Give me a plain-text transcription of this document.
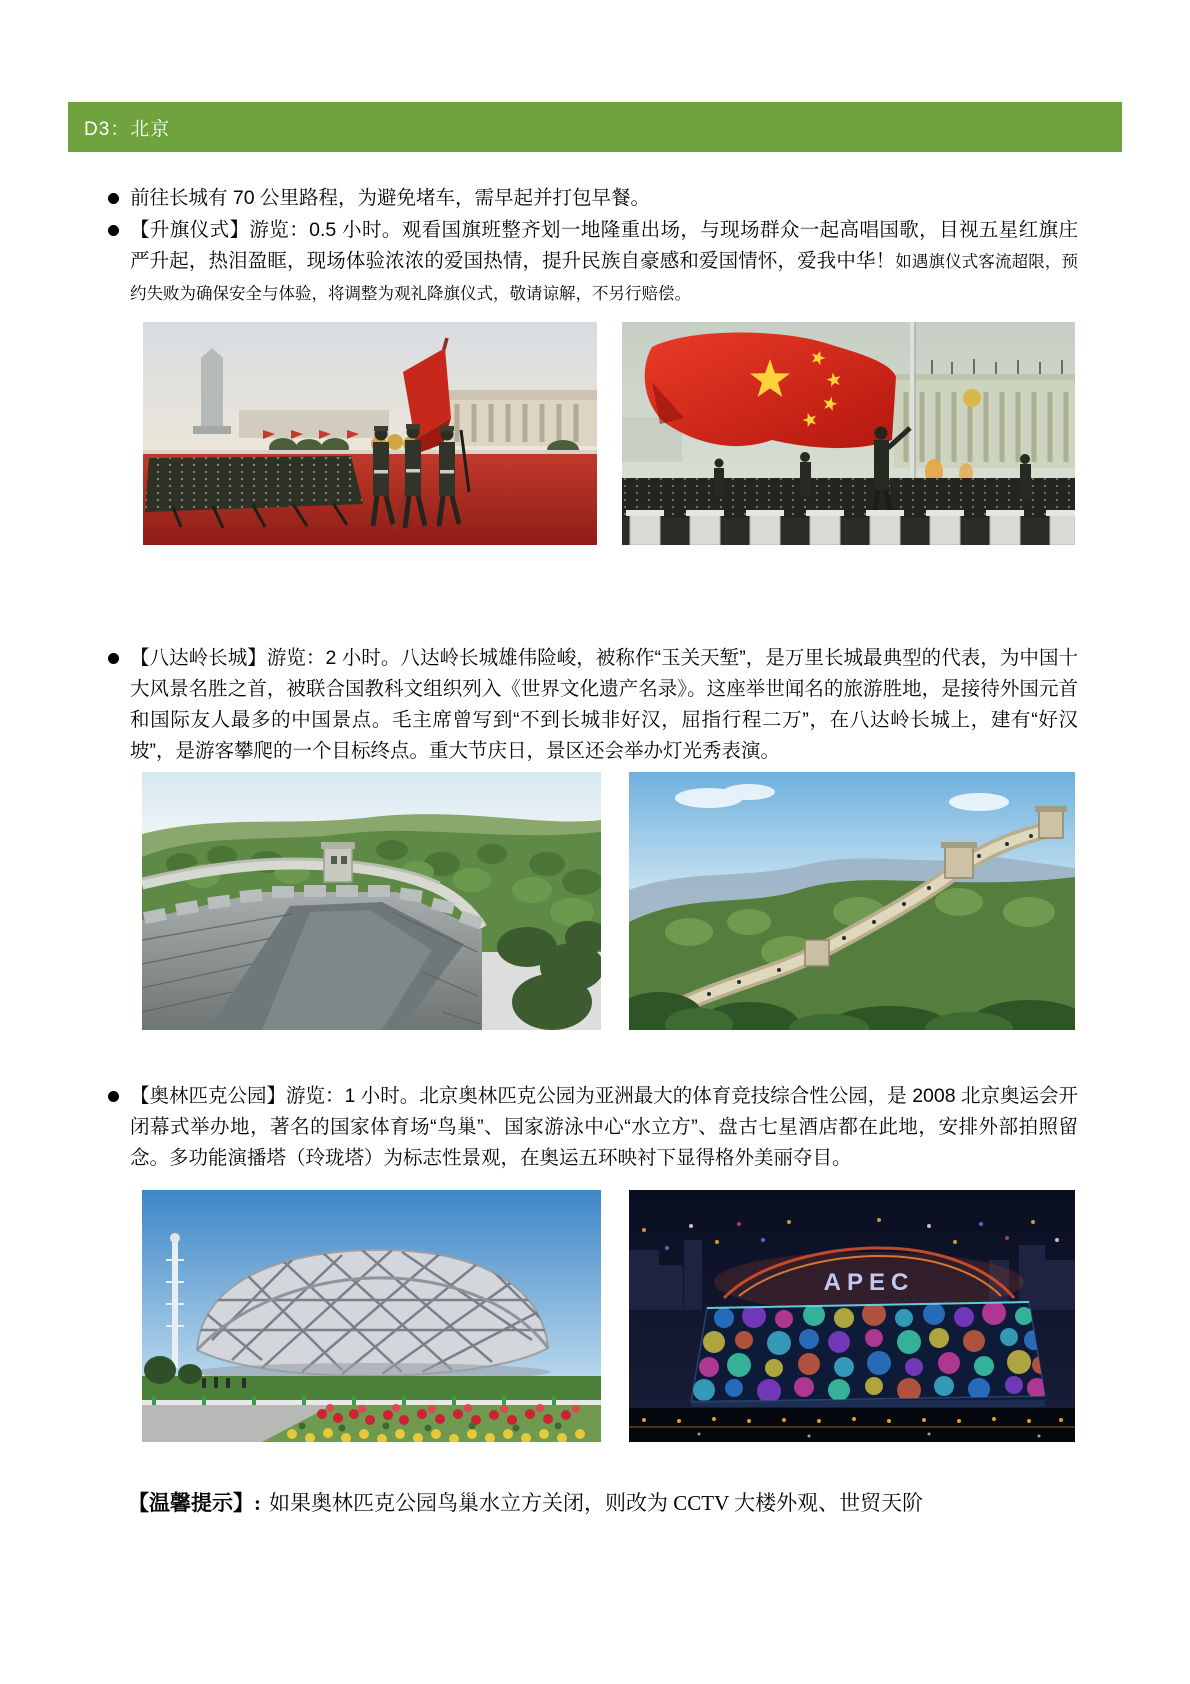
D3：北京
前往长城有 70 公里路程，为避免堵车，需早起并打包早餐。
【升旗仪式】游览：0.5 小时。观看国旗班整齐划一地隆重出场，与现场群众一起高唱国歌，目视五星红旗庄严升起，热泪盈眶，现场体验浓浓的爱国热情，提升民族自豪感和爱国情怀，爱我中华！如遇旗仪式客流超限，预约失败为确保安全与体验，将调整为观礼降旗仪式，敬请谅解，不另行赔偿。
【八达岭长城】游览：2 小时。八达岭长城雄伟险峻，被称作“玉关天堑”，是万里长城最典型的代表，为中国十大风景名胜之首，被联合国教科文组织列入《世界文化遗产名录》。这座举世闻名的旅游胜地，是接待外国元首和国际友人最多的中国景点。毛主席曾写到“不到长城非好汉，屈指行程二万”，在八达岭长城上，建有“好汉坡”，是游客攀爬的一个目标终点。重大节庆日，景区还会举办灯光秀表演。
【奥林匹克公园】游览：1 小时。北京奥林匹克公园为亚洲最大的体育竞技综合性公园，是 2008 北京奥运会开闭幕式举办地，著名的国家体育场“鸟巢”、国家游泳中心“水立方”、盘古七星酒店都在此地，安排外部拍照留念。多功能演播塔（玲珑塔）为标志性景观，在奥运五环映衬下显得格外美丽夺目。
APEC
【温馨提示】: 如果奥林匹克公园鸟巢水立方关闭，则改为 CCTV 大楼外观、世贸天阶
